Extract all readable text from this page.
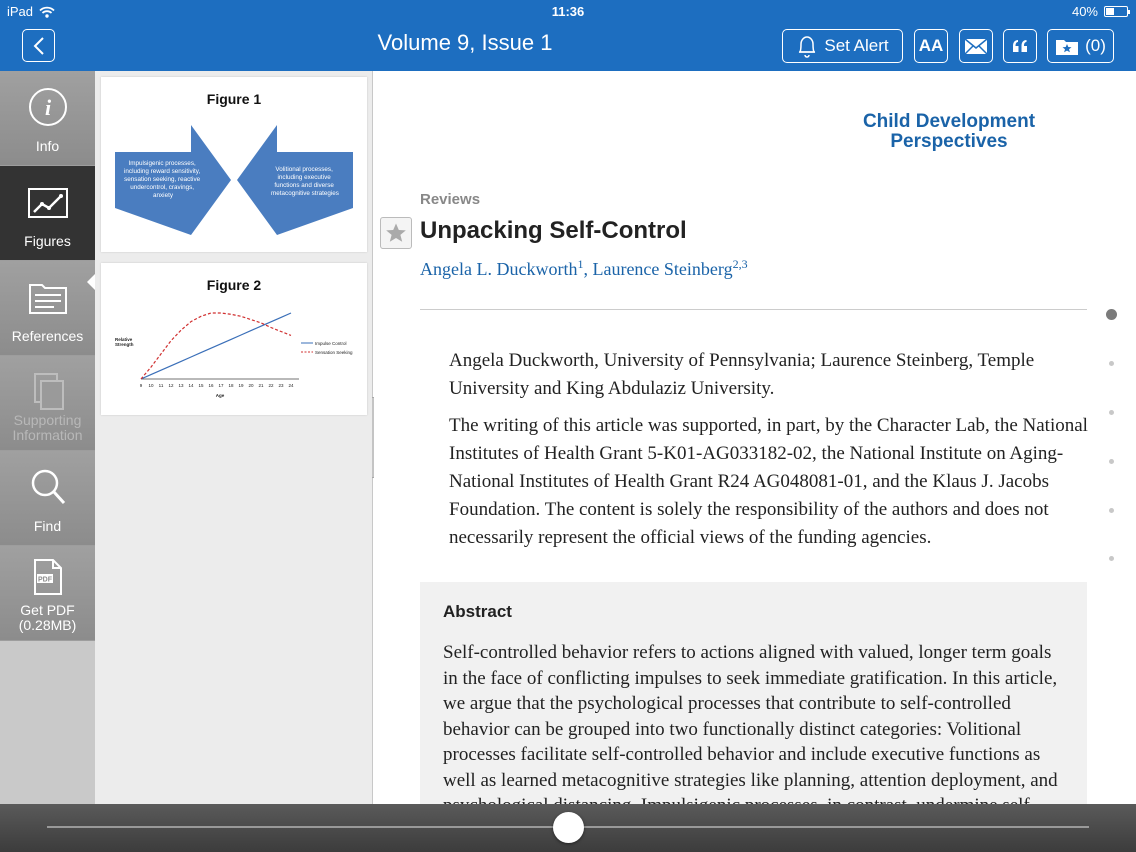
iPad	11:36	40%
Volume 9, Issue 1	Set Alert AA	(0)
i
Info
Figures
References
Supporting
Information
Find
PDF
Get PDF
(0.28MB)
Figure 1
Impulsigenic processes, including reward sensitivity, sensation seeking, reactive undercontrol, cravings, anxiety
Volitional processes, including executive functions and diverse metacognitive strategies
Figure 2
Relative
Strength
9 10 11 12 13 14 15 16 17 18 19 20 21 22 23 24
Age
Impulse Control
Sensation Seeking
Child Development
Perspectives
Reviews
Unpacking Self-Control
Angela L. Duckworth$^1$, Laurence Steinberg$^{2,3}$

Angela Duckworth, University of Pennsylvania; Laurence Steinberg, Temple University and King Abdulaziz University.

The writing of this article was supported, in part, by the Character Lab, the National Institutes of Health Grant 5-K01-AG033182-02, the National Institute on Aging-National Institutes of Health Grant R24 AG048081-01, and the Klaus J. Jacobs Foundation. The content is solely the responsibility of the authors and does not necessarily represent the official views of the funding agencies.

Abstract

Self-controlled behavior refers to actions aligned with valued, longer term goals in the face of conflicting impulses to seek immediate gratification. In this article, we argue that the psychological processes that contribute to self-controlled behavior can be grouped into two functionally distinct categories: Volitional processes facilitate self-controlled behavior and include executive functions as well as learned metacognitive strategies like planning, attention deployment, and
